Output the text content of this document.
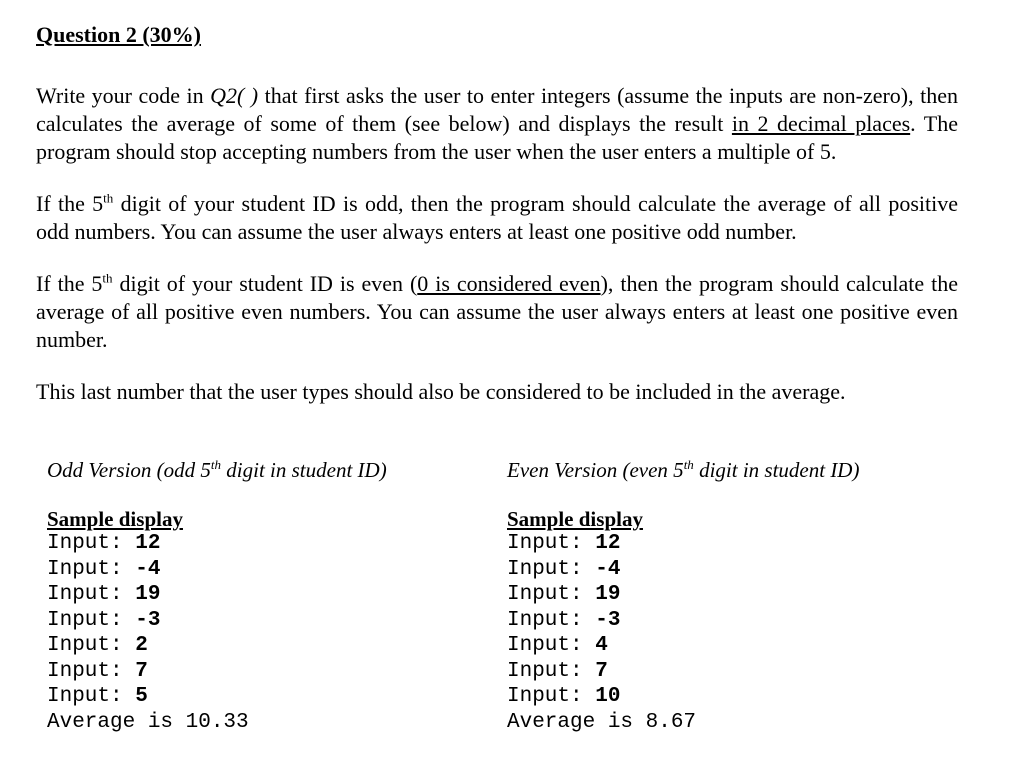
Question 2 (30%)

Write your code in Q2( ) that first asks the user to enter integers (assume the inputs are non-zero), then calculates the average of some of them (see below) and displays the result in 2 decimal places. The program should stop accepting numbers from the user when the user enters a multiple of 5.

If the 5th digit of your student ID is odd, then the program should calculate the average of all positive odd numbers. You can assume the user always enters at least one positive odd number.

If the 5th digit of your student ID is even (0 is considered even), then the program should calculate the average of all positive even numbers. You can assume the user always enters at least one positive even number.

This last number that the user types should also be considered to be included in the average.

Odd Version (odd 5th digit in student ID)

Sample display

Input: 12

Input: -4

Input: 19

Input: -3

Input: 2

Input: 7

Input: 5

Average is 10.33

Even Version (even 5th digit in student ID)

Sample display

Input: 12

Input: -4

Input: 19

Input: -3

Input: 4

Input: 7

Input: 10

Average is 8.67
